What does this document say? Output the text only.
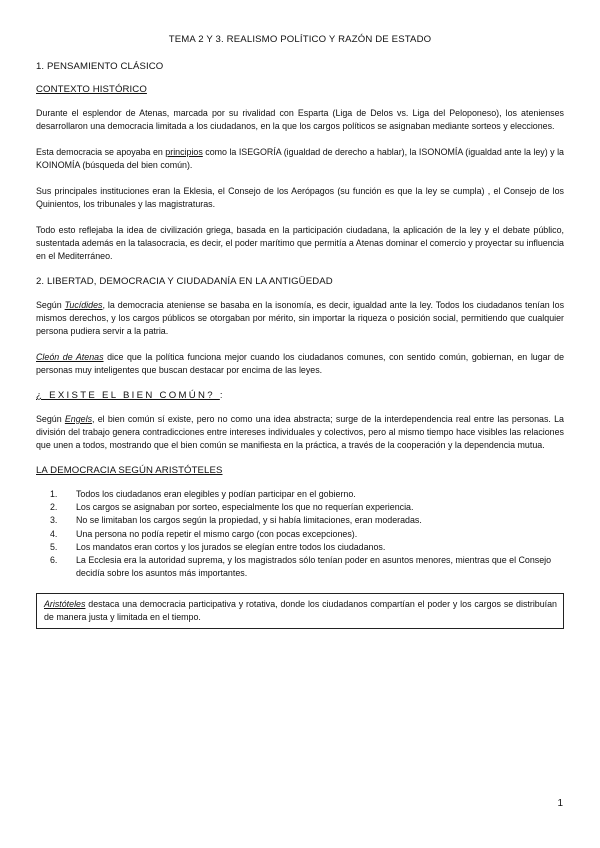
TEMA 2 Y 3. REALISMO POLÍTICO Y RAZÓN DE ESTADO
1. PENSAMIENTO CLÁSICO
CONTEXTO HISTÓRICO

Durante el esplendor de Atenas, marcada por su rivalidad con Esparta (Liga de Delos vs. Liga del Peloponeso), los atenienses desarrollaron una democracia limitada a los ciudadanos, en la que los cargos políticos se asignaban mediante sorteos y elecciones.

Esta democracia se apoyaba en principios como la ISEGORÍA (igualdad de derecho a hablar), la ISONOMÍA (igualdad ante la ley) y la KOINOMÍA (búsqueda del bien común).

Sus principales instituciones eran la Eklesia, el Consejo de los Aerópagos (su función es que la ley se cumpla) , el Consejo de los Quinientos, los tribunales y las magistraturas.

Todo esto reflejaba la idea de civilización griega, basada en la participación ciudadana, la aplicación de la ley y el debate público, sustentada además en la talasocracia, es decir, el poder marítimo que permitía a Atenas dominar el comercio y proyectar su influencia en el Mediterráneo.

2. LIBERTAD, DEMOCRACIA Y CIUDADANÍA EN LA ANTIGÜEDAD

Según Tucídides, la democracia ateniense se basaba en la isonomía, es decir, igualdad ante la ley. Todos los ciudadanos tenían los mismos derechos, y los cargos públicos se otorgaban por mérito, sin importar la riqueza o posición social, permitiendo que cualquier persona pudiera servir a la patria.

Cleón de Atenas dice que la política funciona mejor cuando los ciudadanos comunes, con sentido común, gobiernan, en lugar de personas muy inteligentes que buscan destacar por encima de las leyes.

¿ EXISTE EL BIEN COMÚN? :

Según Engels, el bien común sí existe, pero no como una idea abstracta; surge de la interdependencia real entre las personas. La división del trabajo genera contradicciones entre intereses individuales y colectivos, pero al mismo tiempo hace visibles las relaciones que unen a todos, mostrando que el bien común se manifiesta en la práctica, a través de la cooperación y la dependencia mutua.

LA DEMOCRACIA SEGÚN ARISTÓTELES
1.	Todos los ciudadanos eran elegibles y podían participar en el gobierno.
2.	Los cargos se asignaban por sorteo, especialmente los que no requerían experiencia.
3.	No se limitaban los cargos según la propiedad, y si había limitaciones, eran moderadas.
4.	Una persona no podía repetir el mismo cargo (con pocas excepciones).
5.	Los mandatos eran cortos y los jurados se elegían entre todos los ciudadanos.
6.	La Ecclesia era la autoridad suprema, y los magistrados sólo tenían poder en asuntos menores, mientras que el Consejo decidía sobre los asuntos más importantes.

Aristóteles destaca una democracia participativa y rotativa, donde los ciudadanos compartían el poder y los cargos se distribuían de manera justa y limitada en el tiempo.

1
